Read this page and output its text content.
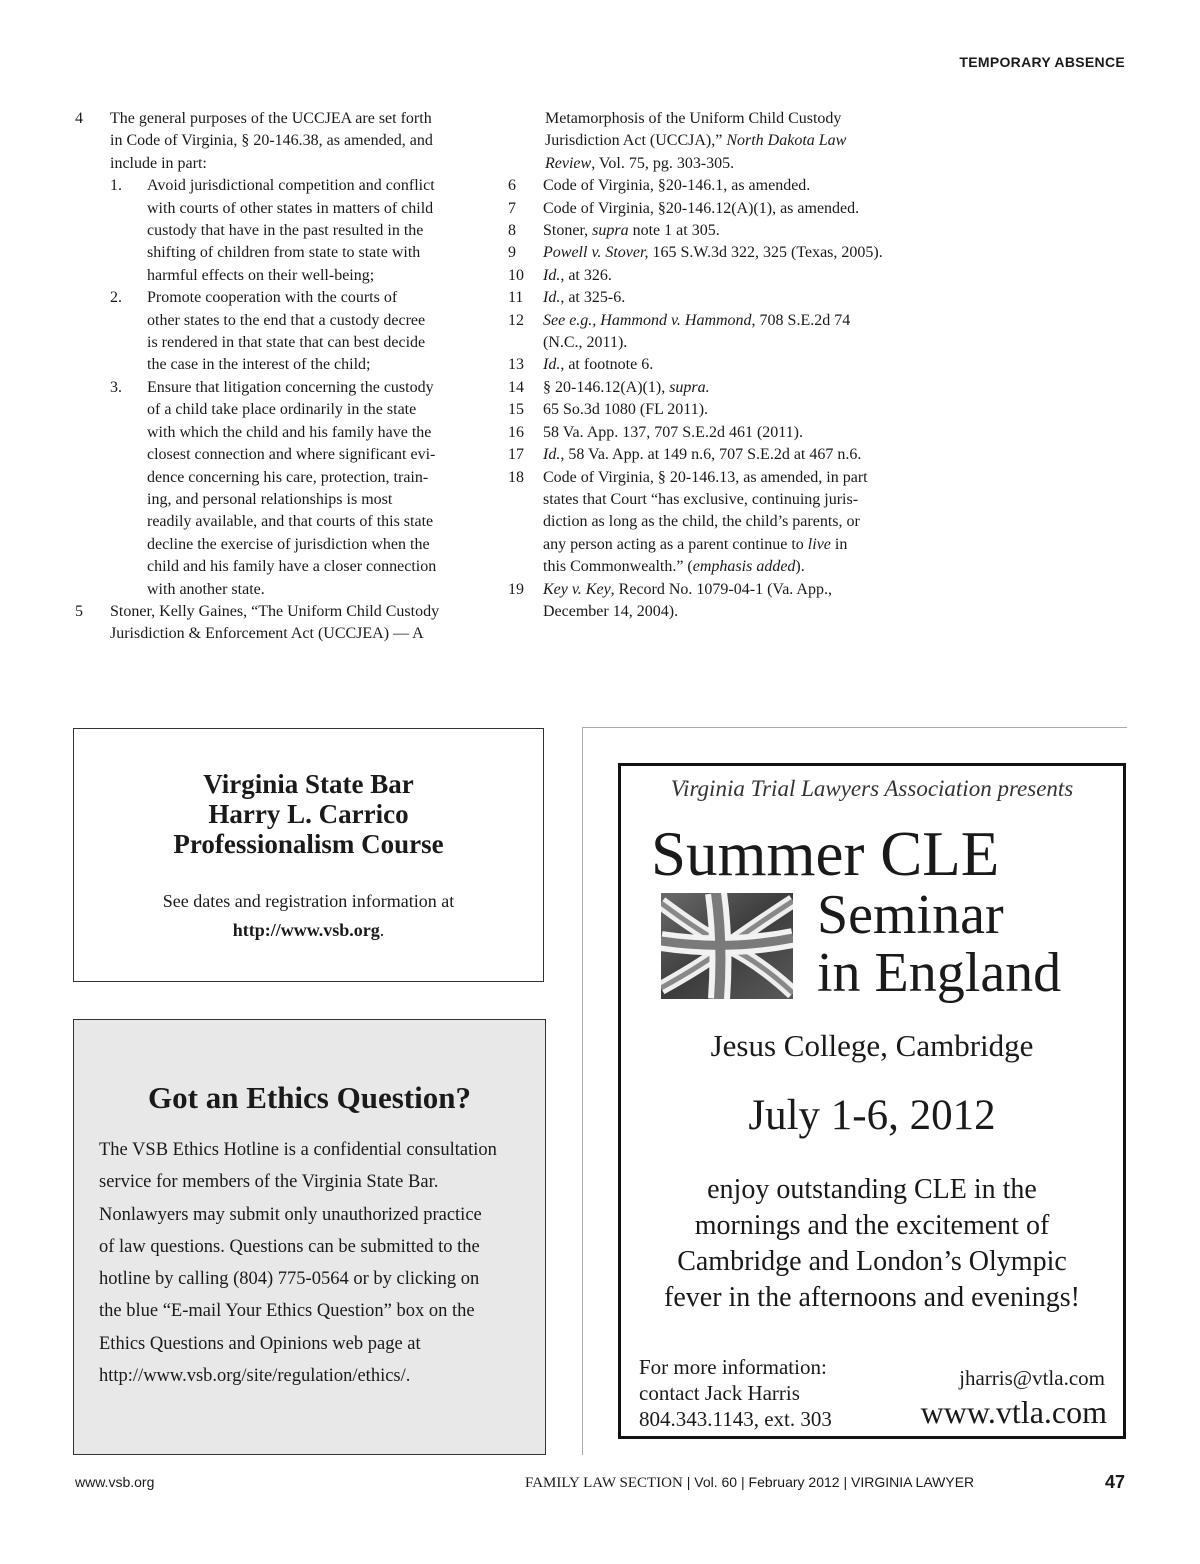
TEMPORARY ABSENCE
4	The general purposes of the UCCJEA are set forth
in Code of Virginia, § 20-146.38, as amended, and
include in part:
1.	Avoid jurisdictional competition and conflict
with courts of other states in matters of child
custody that have in the past resulted in the
shifting of children from state to state with
harmful effects on their well-being;
2.	Promote cooperation with the courts of
other states to the end that a custody decree
is rendered in that state that can best decide
the case in the interest of the child;
3.	Ensure that litigation concerning the custody
of a child take place ordinarily in the state
with which the child and his family have the
closest connection and where significant evi-
dence concerning his care, protection, train-
ing, and personal relationships is most
readily available, and that courts of this state
decline the exercise of jurisdiction when the
child and his family have a closer connection
with another state.
5	Stoner, Kelly Gaines, “The Uniform Child Custody
Jurisdiction & Enforcement Act (UCCJEA) — A
Metamorphosis of the Uniform Child Custody
Jurisdiction Act (UCCJA),” North Dakota Law
Review, Vol. 75, pg. 303-305.
6	Code of Virginia, §20-146.1, as amended.
7	Code of Virginia, §20-146.12(A)(1), as amended.
8	Stoner, supra note 1 at 305.
9	Powell v. Stover, 165 S.W.3d 322, 325 (Texas, 2005).
10	Id., at 326.
11	Id., at 325-6.
12	See e.g., Hammond v. Hammond, 708 S.E.2d 74
(N.C., 2011).
13	Id., at footnote 6.
14	§ 20-146.12(A)(1), supra.
15	65 So.3d 1080 (FL 2011).
16	58 Va. App. 137, 707 S.E.2d 461 (2011).
17	Id., 58 Va. App. at 149 n.6, 707 S.E.2d at 467 n.6.
18	Code of Virginia, § 20-146.13, as amended, in part
states that Court “has exclusive, continuing juris-
diction as long as the child, the child’s parents, or
any person acting as a parent continue to live in
this Commonwealth.” (emphasis added).
19	Key v. Key, Record No. 1079-04-1 (Va. App.,
December 14, 2004).
Virginia State Bar
Harry L. Carrico
Professionalism Course
See dates and registration information at
http://www.vsb.org.
Got an Ethics Question?
The VSB Ethics Hotline is a confidential consultation
service for members of the Virginia State Bar.
Nonlawyers may submit only unauthorized practice
of law questions. Questions can be submitted to the
hotline by calling (804) 775-0564 or by clicking on
the blue “E-mail Your Ethics Question” box on the
Ethics Questions and Opinions web page at
http://www.vsb.org/site/regulation/ethics/.
Virginia Trial Lawyers Association presents
Summer CLE
Seminar
in England
Jesus College, Cambridge
July 1-6, 2012
enjoy outstanding CLE in the
mornings and the excitement of
Cambridge and London’s Olympic
fever in the afternoons and evenings!
For more information:
contact Jack Harris
804.343.1143, ext. 303
jharris@vtla.com
www.vtla.com
www.vsb.org	FAMILY LAW SECTION | Vol. 60 | February 2012 | VIRGINIA LAWYER	47
